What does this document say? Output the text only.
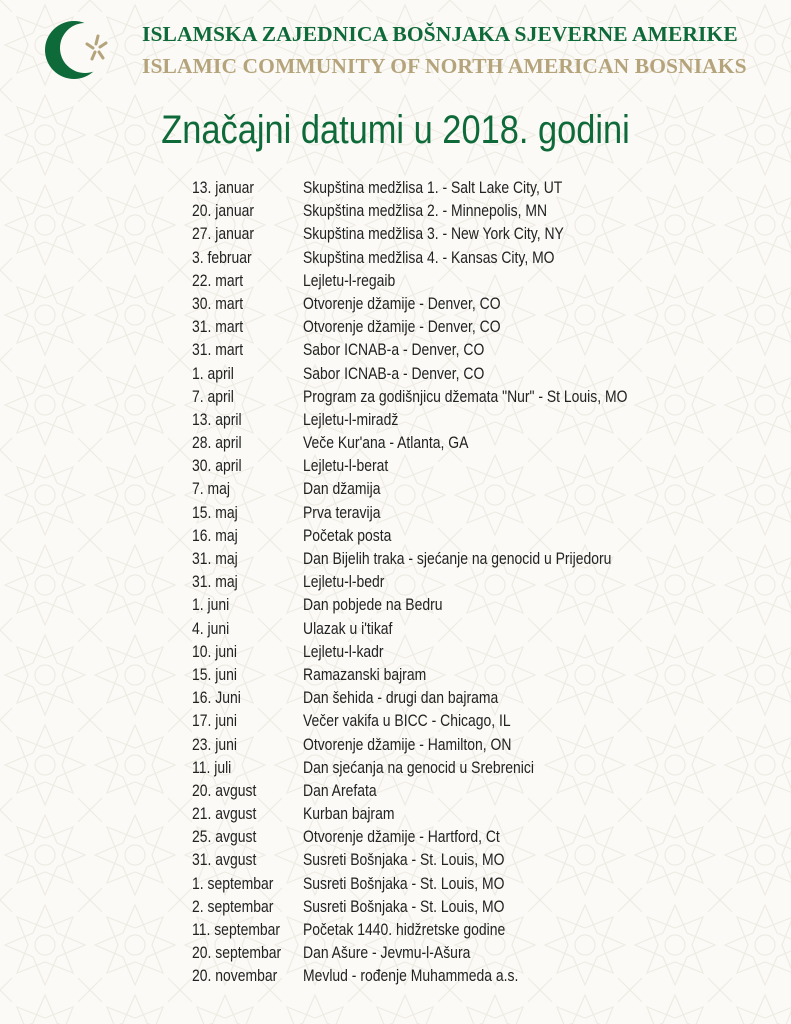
ISLAMSKA ZAJEDNICA BOŠNJAKA SJEVERNE AMERIKE
ISLAMIC COMMUNITY OF NORTH AMERICAN BOSNIAKS
Značajni datumi u 2018. godini
13. januar	Skupština medžlisa 1. - Salt Lake City, UT
20. januar	Skupština medžlisa 2. - Minnepolis, MN
27. januar	Skupština medžlisa 3. - New York City, NY
3. februar	Skupština medžlisa 4. - Kansas City, MO
22. mart	Lejletu-l-regaib
30. mart	Otvorenje džamije - Denver, CO
31. mart	Otvorenje džamije - Denver, CO
31. mart	Sabor ICNAB-a - Denver, CO
1. april	Sabor ICNAB-a - Denver, CO
7. april	Program za godišnjicu džemata "Nur" - St Louis, MO
13. april	Lejletu-l-miradž
28. april	Veče Kur'ana - Atlanta, GA
30. april	Lejletu-l-berat
7. maj	Dan džamija
15. maj	Prva teravija
16. maj	Početak posta
31. maj	Dan Bijelih traka - sjećanje na genocid u Prijedoru
31. maj	Lejletu-l-bedr
1. juni	Dan pobjede na Bedru
4. juni	Ulazak u i'tikaf
10. juni	Lejletu-l-kadr
15. juni	Ramazanski bajram
16. Juni	Dan šehida - drugi dan bajrama
17. juni	Večer vakifa u BICC - Chicago, IL
23. juni	Otvorenje džamije - Hamilton, ON
11. juli	Dan sjećanja na genocid u Srebrenici
20. avgust	Dan Arefata
21. avgust	Kurban bajram
25. avgust	Otvorenje džamije - Hartford, Ct
31. avgust	Susreti Bošnjaka - St. Louis, MO
1. septembar	Susreti Bošnjaka - St. Louis, MO
2. septembar	Susreti Bošnjaka - St. Louis, MO
11. septembar Početak 1440. hidžretske godine
20. septembar Dan Ašure - Jevmu-l-Ašura
20. novembar Mevlud - rođenje Muhammeda a.s.
